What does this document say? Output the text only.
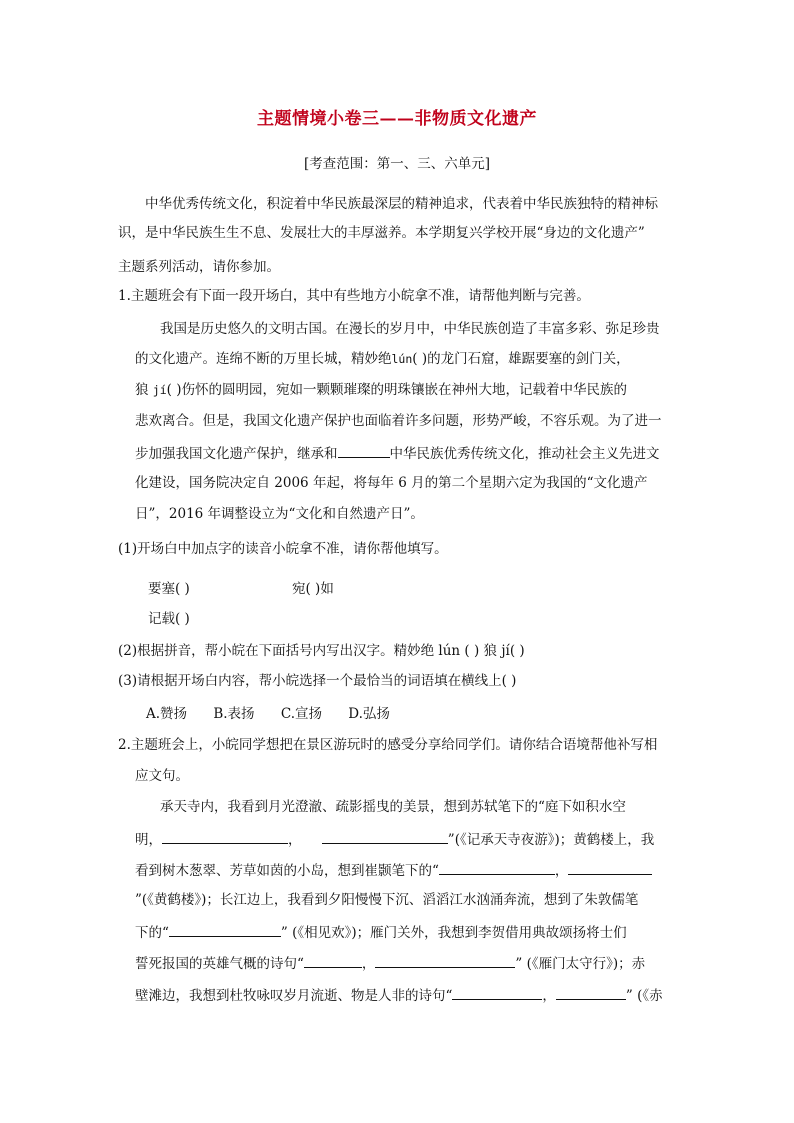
主题情境小卷三——非物质文化遗产
[考查范围：第一、三、六单元]
中华优秀传统文化，积淀着中华民族最深层的精神追求，代表着中华民族独特的精神标
识，是中华民族生生不息、发展壮大的丰厚滋养。本学期复兴学校开展“身边的文化遗产”
主题系列活动，请你参加。
1.主题班会有下面一段开场白，其中有些地方小皖拿不准，请帮他判断与完善。
我国是历史悠久的文明古国。在漫长的岁月中，中华民族创造了丰富多彩、弥足珍贵
的文化遗产。连绵不断的万里长城，精妙绝lún( )的龙门石窟，雄踞要塞的剑门关，
狼 jí( )伤怀的圆明园，宛如一颗颗璀璨的明珠镶嵌在神州大地，记载着中华民族的
悲欢离合。但是，我国文化遗产保护也面临着许多问题，形势严峻，不容乐观。为了进一
步加强我国文化遗产保护，继承和	中华民族优秀传统文化，推动社会主义先进文
化建设，国务院决定自 2006 年起，将每年 6 月的第二个星期六定为我国的“文化遗产
日”，2016 年调整设立为“文化和自然遗产日”。
(1)开场白中加点字的读音小皖拿不准，请你帮他填写。
要塞( )	宛( )如
记载( )
(2)根据拼音，帮小皖在下面括号内写出汉字。精妙绝 lún ( ) 狼 jí( )
(3)请根据开场白内容，帮小皖选择一个最恰当的词语填在横线上( )
A.赞扬 B.表扬 C.宣扬 D.弘扬
2.主题班会上，小皖同学想把在景区游玩时的感受分享给同学们。请你结合语境帮他补写相
应文句。
承天寺内，我看到月光澄澈、疏影摇曳的美景，想到苏轼笔下的“庭下如积水空
明，	，	”(《记承天寺夜游》)；黄鹤楼上，我
看到树木葱翠、芳草如茵的小岛，想到崔颢笔下的“	，
”(《黄鹤楼》)；长江边上，我看到夕阳慢慢下沉、滔滔江水汹涌奔流，想到了朱敦儒笔
下的“	” (《相见欢》)；雁门关外，我想到李贺借用典故颂扬将士们
誓死报国的英雄气概的诗句“	，	” (《雁门太守行》)；赤
壁滩边，我想到杜牧咏叹岁月流逝、物是人非的诗句“	，	” (《赤
